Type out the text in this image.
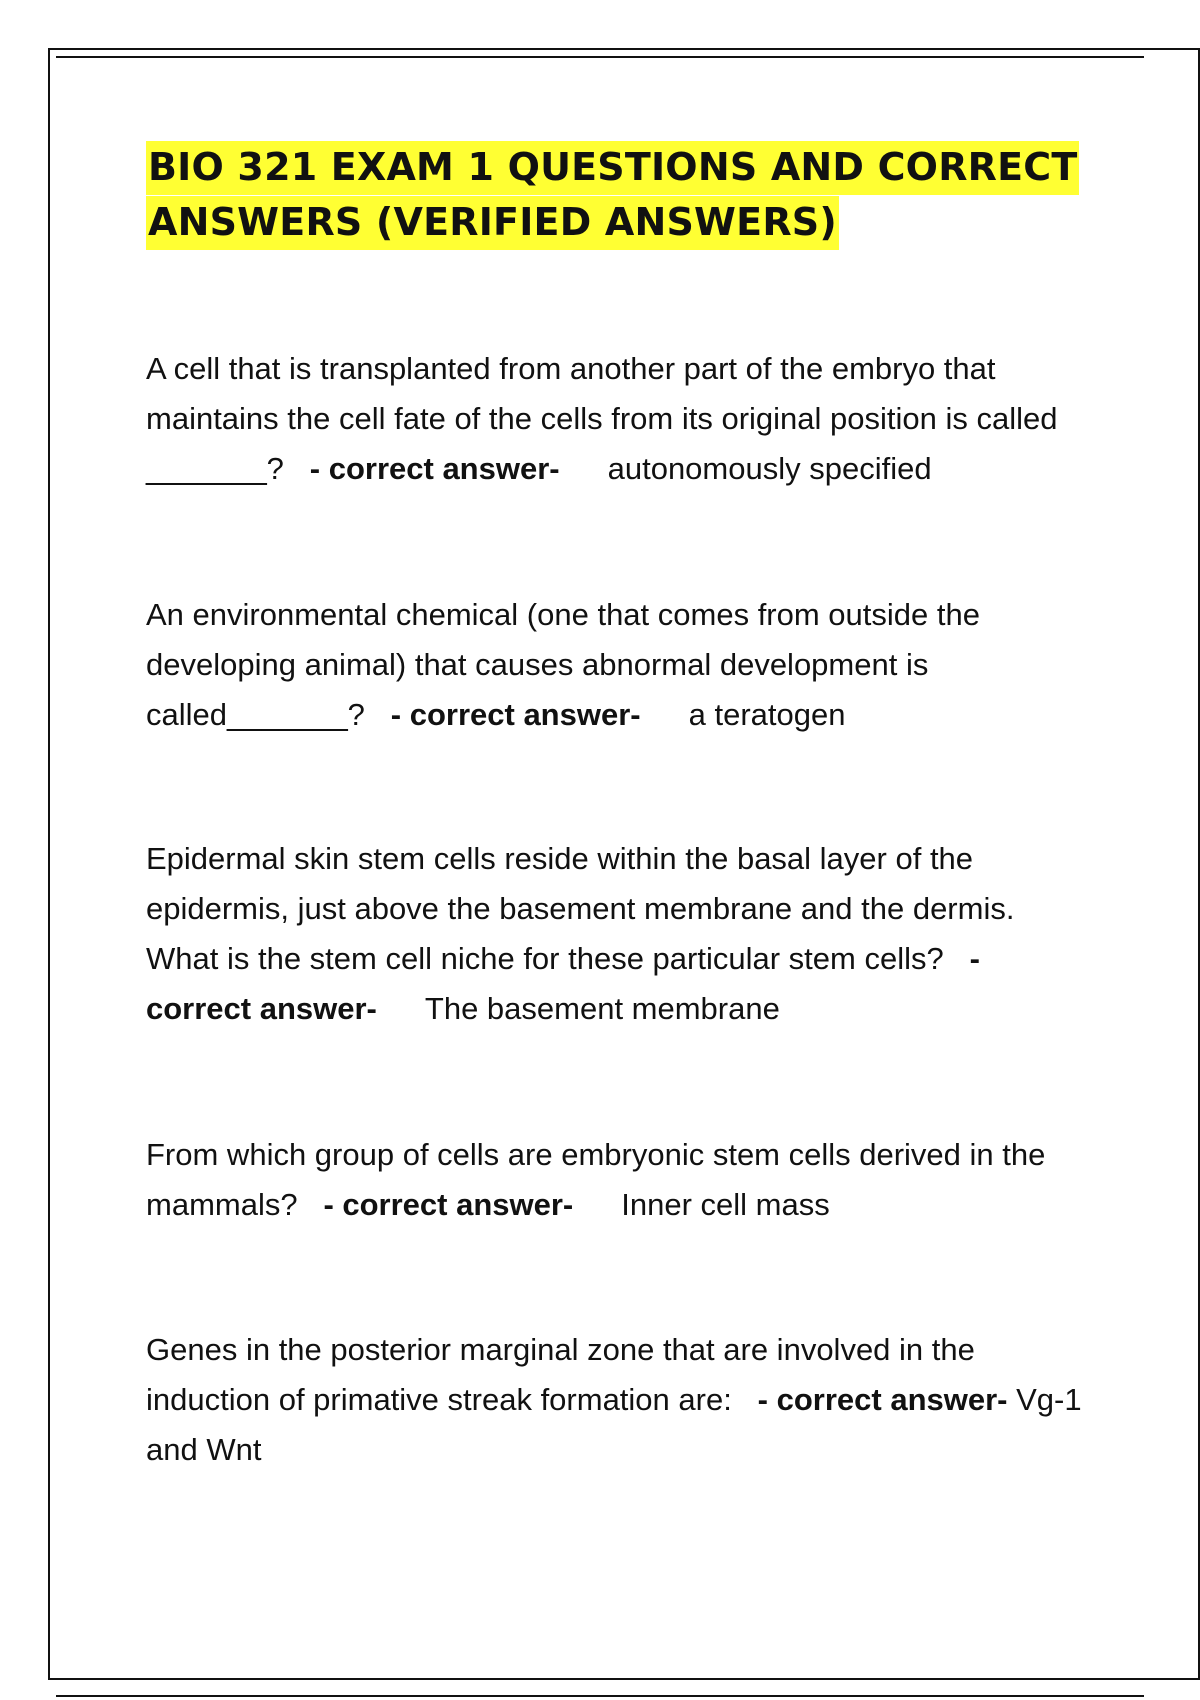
BIO 321 EXAM 1 QUESTIONS AND CORRECT ANSWERS (VERIFIED ANSWERS)

A cell that is transplanted from another part of the embryo that maintains the cell fate of the cells from its original position is called _______? - correct answer- autonomously specified

An environmental chemical (one that comes from outside the developing animal) that causes abnormal development is called_______? - correct answer- a teratogen

Epidermal skin stem cells reside within the basal layer of the epidermis, just above the basement membrane and the dermis. What is the stem cell niche for these particular stem cells? - correct answer- The basement membrane

From which group of cells are embryonic stem cells derived in the mammals? - correct answer- Inner cell mass

Genes in the posterior marginal zone that are involved in the induction of primative streak formation are: - correct answer- Vg-1 and Wnt
